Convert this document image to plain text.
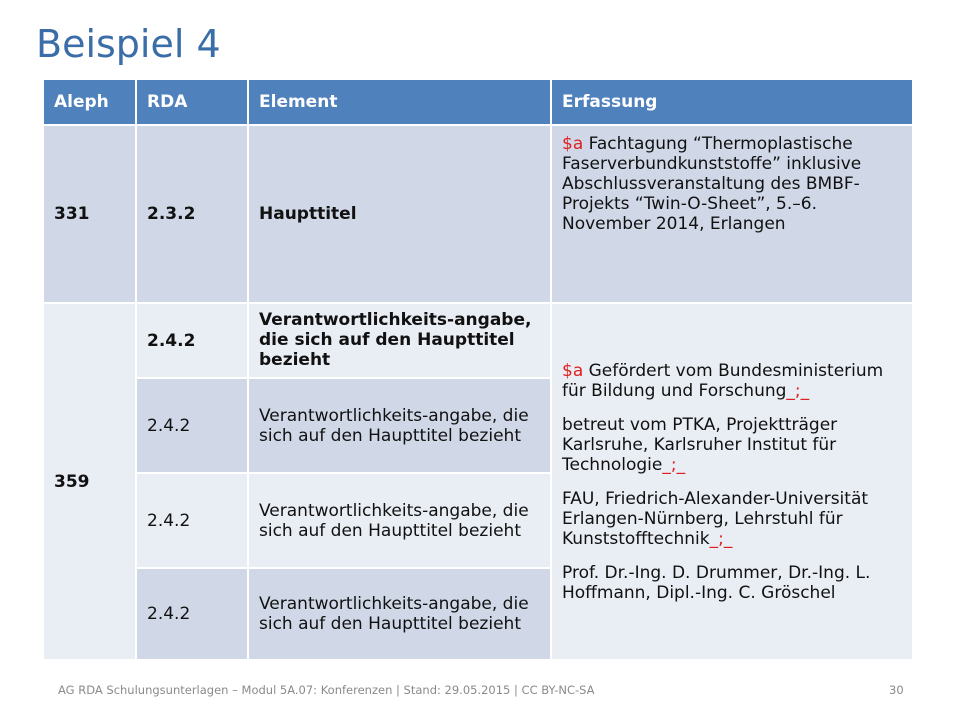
Beispiel 4
Aleph	RDA	Element	Erfassung
331	2.3.2	Haupttitel	$a Fachtagung “Thermoplastische Faserverbundkunststoffe” inklusive Abschlussveranstaltung des BMBF-Projekts “Twin-O-Sheet”, 5.–6. November 2014, Erlangen
359	2.4.2	Verantwortlichkeits-angabe, die sich auf den Haupttitel bezieht	$a Gefördert vom Bundesministerium für Bildung und Forschung_;_
betreut vom PTKA, Projektträger Karlsruhe, Karlsruher Institut für Technologie_;_
FAU, Friedrich-Alexander-Universität Erlangen-Nürnberg, Lehrstuhl für Kunststofftechnik_;_
Prof. Dr.-Ing. D. Drummer, Dr.-Ing. L. Hoffmann, Dipl.-Ing. C. Gröschel

	2.4.2	Verantwortlichkeits-angabe, die sich auf den Haupttitel bezieht	
	2.4.2	Verantwortlichkeits-angabe, die sich auf den Haupttitel bezieht	
	2.4.2	Verantwortlichkeits-angabe, die sich auf den Haupttitel bezieht	
AG RDA Schulungsunterlagen – Modul 5A.07: Konferenzen | Stand: 29.05.2015 | CC BY-NC-SA	30
